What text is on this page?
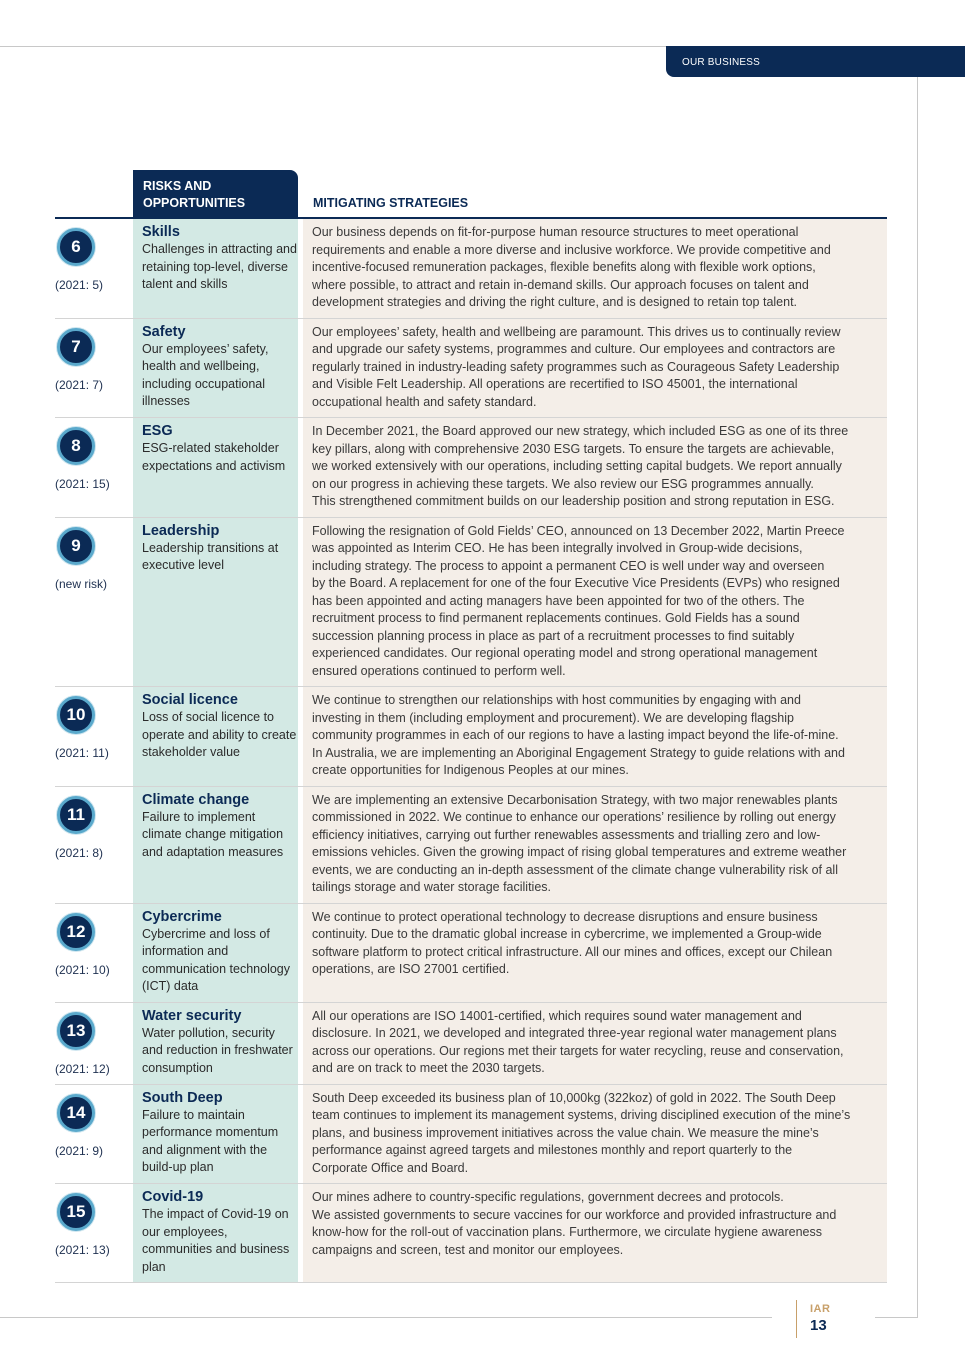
OUR BUSINESS
RISKS AND
OPPORTUNITIES	MITIGATING STRATEGIES
6
(2021: 5)
Skills
Challenges in attracting and retaining top-level, diverse talent and skills

Our business depends on fit-for-purpose human resource structures to meet operational
requirements and enable a more diverse and inclusive workforce. We provide competitive and
incentive-focused remuneration packages, flexible benefits along with flexible work options,
where possible, to attract and retain in-demand skills. Our approach focuses on talent and
development strategies and driving the right culture, and is designed to retain top talent.

7
(2021: 7)
Safety
Our employees’ safety, health and wellbeing, including occupational illnesses

Our employees’ safety, health and wellbeing are paramount. This drives us to continually review
and upgrade our safety systems, programmes and culture. Our employees and contractors are
regularly trained in industry-leading safety programmes such as Courageous Safety Leadership
and Visible Felt Leadership. All operations are recertified to ISO 45001, the international
occupational health and safety standard.

8
(2021: 15)
ESG
ESG-related stakeholder expectations and activism

In December 2021, the Board approved our new strategy, which included ESG as one of its three
key pillars, along with comprehensive 2030 ESG targets. To ensure the targets are achievable,
we worked extensively with our operations, including setting capital budgets. We report annually
on our progress in achieving these targets. We also review our ESG programmes annually.
This strengthened commitment builds on our leadership position and strong reputation in ESG.

9
(new risk)
Leadership
Leadership transitions at executive level

Following the resignation of Gold Fields’ CEO, announced on 13 December 2022, Martin Preece
was appointed as Interim CEO. He has been integrally involved in Group-wide decisions,
including strategy. The process to appoint a permanent CEO is well under way and overseen
by the Board. A replacement for one of the four Executive Vice Presidents (EVPs) who resigned
has been appointed and acting managers have been appointed for two of the others. The
recruitment process to find permanent replacements continues. Gold Fields has a sound
succession planning process in place as part of a recruitment processes to find suitably
experienced candidates. Our regional operating model and strong operational management
ensured operations continued to perform well.

10
(2021: 11)
Social licence
Loss of social licence to operate and ability to create stakeholder value

We continue to strengthen our relationships with host communities by engaging with and
investing in them (including employment and procurement). We are developing flagship
community programmes in each of our regions to have a lasting impact beyond the life-of-mine.
In Australia, we are implementing an Aboriginal Engagement Strategy to guide relations with and
create opportunities for Indigenous Peoples at our mines.

11
(2021: 8)
Climate change
Failure to implement climate change mitigation and adaptation measures

We are implementing an extensive Decarbonisation Strategy, with two major renewables plants
commissioned in 2022. We continue to enhance our operations’ resilience by rolling out energy
efficiency initiatives, carrying out further renewables assessments and trialling zero and low-
emissions vehicles. Given the growing impact of rising global temperatures and extreme weather
events, we are conducting an in-depth assessment of the climate change vulnerability risk of all
tailings storage and water storage facilities.

12
(2021: 10)
Cybercrime
Cybercrime and loss of information and communication technology (ICT) data

We continue to protect operational technology to decrease disruptions and ensure business
continuity. Due to the dramatic global increase in cybercrime, we implemented a Group-wide
software platform to protect critical infrastructure. All our mines and offices, except our Chilean
operations, are ISO 27001 certified.

13
(2021: 12)
Water security
Water pollution, security and reduction in freshwater consumption

All our operations are ISO 14001-certified, which requires sound water management and
disclosure. In 2021, we developed and integrated three-year regional water management plans
across our operations. Our regions met their targets for water recycling, reuse and conservation,
and are on track to meet the 2030 targets.

14
(2021: 9)
South Deep
Failure to maintain performance momentum and alignment with the build-up plan

South Deep exceeded its business plan of 10,000kg (322koz) of gold in 2022. The South Deep
team continues to implement its management systems, driving disciplined execution of the mine’s
plans, and business improvement initiatives across the value chain. We measure the mine’s
performance against agreed targets and milestones monthly and report quarterly to the
Corporate Office and Board.

15
(2021: 13)
Covid-19
The impact of Covid-19 on our employees, communities and business plan

Our mines adhere to country-specific regulations, government decrees and protocols.
We assisted governments to secure vaccines for our workforce and provided infrastructure and
know-how for the roll-out of vaccination plans. Furthermore, we circulate hygiene awareness
campaigns and screen, test and monitor our employees.

IAR
13
